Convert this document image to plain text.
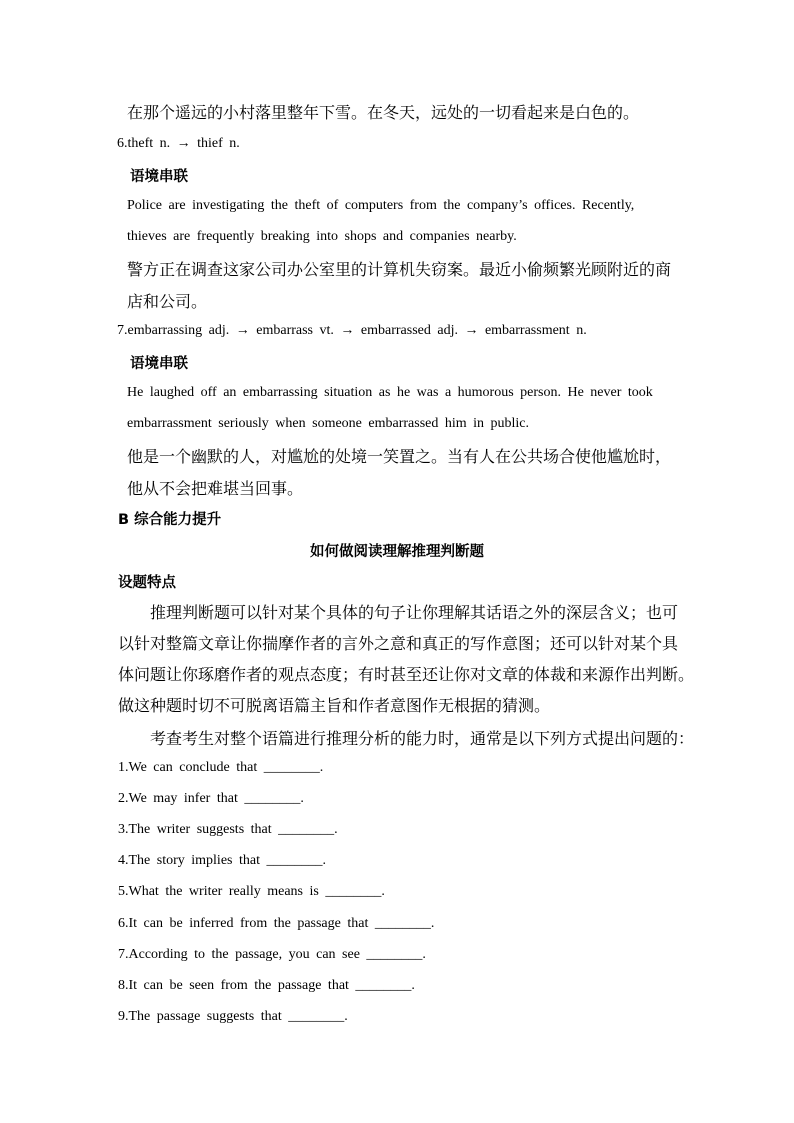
在那个遥远的小村落里整年下雪。在冬天，远处的一切看起来是白色的。
6.theft n. → thief n.
语境串联
Police are investigating the theft of computers from the company’s offices. Recently,
thieves are frequently breaking into shops and companies nearby.
警方正在调查这家公司办公室里的计算机失窃案。最近小偷频繁光顾附近的商
店和公司。
7.embarrassing adj. → embarrass vt. → embarrassed adj. → embarrassment n.
语境串联
He laughed off an embarrassing situation as he was a humorous person. He never took
embarrassment seriously when someone embarrassed him in public.
他是一个幽默的人，对尴尬的处境一笑置之。当有人在公共场合使他尴尬时，
他从不会把难堪当回事。
B 综合能力提升
如何做阅读理解推理判断题
设题特点
推理判断题可以针对某个具体的句子让你理解其话语之外的深层含义；也可
以针对整篇文章让你揣摩作者的言外之意和真正的写作意图；还可以针对某个具
体问题让你琢磨作者的观点态度；有时甚至还让你对文章的体裁和来源作出判断。
做这种题时切不可脱离语篇主旨和作者意图作无根据的猜测。
考查考生对整个语篇进行推理分析的能力时，通常是以下列方式提出问题的：
1.We can conclude that ________.
2.We may infer that ________.
3.The writer suggests that ________.
4.The story implies that ________.
5.What the writer really means is ________.
6.It can be inferred from the passage that ________.
7.According to the passage, you can see ________.
8.It can be seen from the passage that ________.
9.The passage suggests that ________.
